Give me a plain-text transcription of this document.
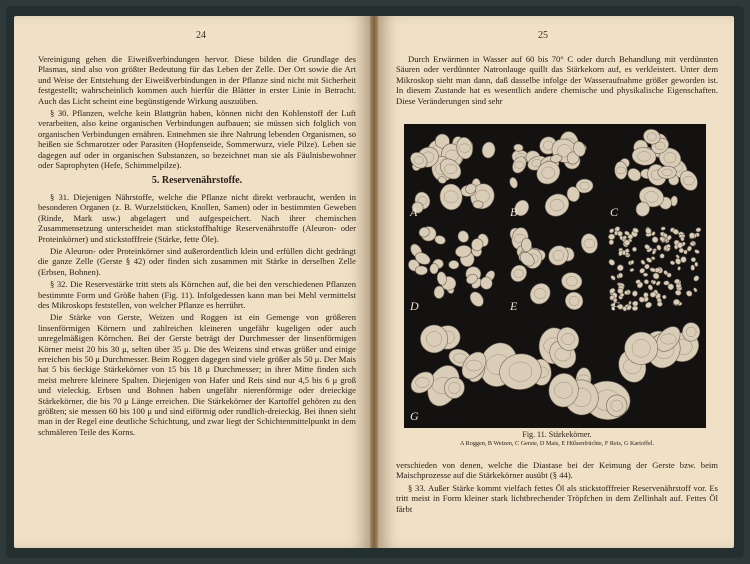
24

Vereinigung gehen die Eiweißverbindungen hervor. Diese bilden die Grundlage des Plasmas, sind also von größter Bedeutung für das Leben der Zelle. Der Ort sowie die Art und Weise der Entstehung der Eiweißverbindungen in der Pflanze sind nicht mit Sicherheit festgestellt; wahrscheinlich kommen auch hierfür die Blätter in erster Linie in Betracht. Auch das Licht scheint eine begünstigende Wirkung auszuüben.

§ 30. Pflanzen, welche kein Blattgrün haben, können nicht den Kohlenstoff der Luft verarbeiten, also keine organischen Verbindungen aufbauen; sie müssen sich folglich von organischen Verbindungen ernähren. Entnehmen sie ihre Nahrung lebenden Organismen, so heißen sie Schmarotzer oder Parasiten (Hopfenseide, Sommerwurz, viele Pilze). Leben sie dagegen auf oder in organischen Substanzen, so bezeichnet man sie als Fäulnisbewohner oder Saprophyten (Hefe, Schimmelpilze).

5. Reservenährstoffe.

§ 31. Diejenigen Nährstoffe, welche die Pflanze nicht direkt verbraucht, werden in besonderen Organen (z. B. Wurzelstöcken, Knollen, Samen) oder in bestimmten Geweben (Rinde, Mark usw.) abgelagert und aufgespeichert. Nach ihrer chemischen Zusammensetzung unterscheidet man stickstoffhaltige Reservenährstoffe (Aleuron- oder Proteinkörner) und stickstofffreie (Stärke, fette Öle).

Die Aleuron- oder Proteinkörner sind außerordentlich klein und erfüllen dicht gedrängt die ganze Zelle (Gerste § 42) oder finden sich zusammen mit Stärke in derselben Zelle (Erbsen, Bohnen).

§ 32. Die Reservestärke tritt stets als Körnchen auf, die bei den verschiedenen Pflanzen bestimmte Form und Größe haben (Fig. 11). Infolgedessen kann man bei Mehl vermittelst des Mikroskops feststellen, von welcher Pflanze es herrührt.

Die Stärke von Gerste, Weizen und Roggen ist ein Gemenge von größeren linsenförmigen Körnern und zahlreichen kleineren ungefähr kugeligen oder auch unregelmäßigen Körnchen. Bei der Gerste beträgt der Durchmesser der linsenförmigen Körner meist 20 bis 30 μ, selten über 35 μ. Die des Weizens sind etwas größer und einige erreichen bis 50 μ Durchmesser. Beim Roggen dagegen sind viele größer als 50 μ. Der Mais hat 5 bis 6eckige Stärkekörner von 15 bis 18 μ Durchmesser; in ihrer Mitte finden sich meist mehrere kleinere Spalten. Diejenigen von Hafer und Reis sind nur 4,5 bis 6 μ groß und vieleckig. Erbsen und Bohnen haben ungefähr nierenförmige oder dreieckige Stärkekörner, die bis 70 μ Länge erreichen. Die Stärkekörner der Kartoffel gehören zu den größten; sie messen 60 bis 100 μ und sind eiförmig oder rundlich-dreieckig. Bei ihnen sieht man in der Regel eine deutliche Schichtung, und zwar liegt der Schichtenmittelpunkt in dem schmäleren Teile des Korns.

25

Durch Erwärmen in Wasser auf 60 bis 70° C oder durch Behandlung mit verdünnten Säuren oder verdünnter Natronlauge quillt das Stärkekorn auf, es verkleistert. Unter dem Mikroskop sieht man dann, daß dasselbe infolge der Wasseraufnahme größer geworden ist. In diesem Zustande hat es wesentlich andere chemische und physikalische Eigenschaften. Diese Veränderungen sind sehr

A	B	C
D	E	F
G
Fig. 11. Stärkekörner.
A Roggen, B Weizen, C Gerste, D Mais, E Hülsenfrüchte, F Reis, G Kartoffel.

verschieden von denen, welche die Diastase bei der Keimung der Gerste bzw. beim Maischprozesse auf die Stärkekörner ausübt (§ 44).

§ 33. Außer Stärke kommt vielfach fettes Öl als stickstofffreier Reservenährstoff vor. Es tritt meist in Form kleiner stark lichtbrechender Tröpfchen in dem Zellinhalt auf. Fettes Öl färbt
